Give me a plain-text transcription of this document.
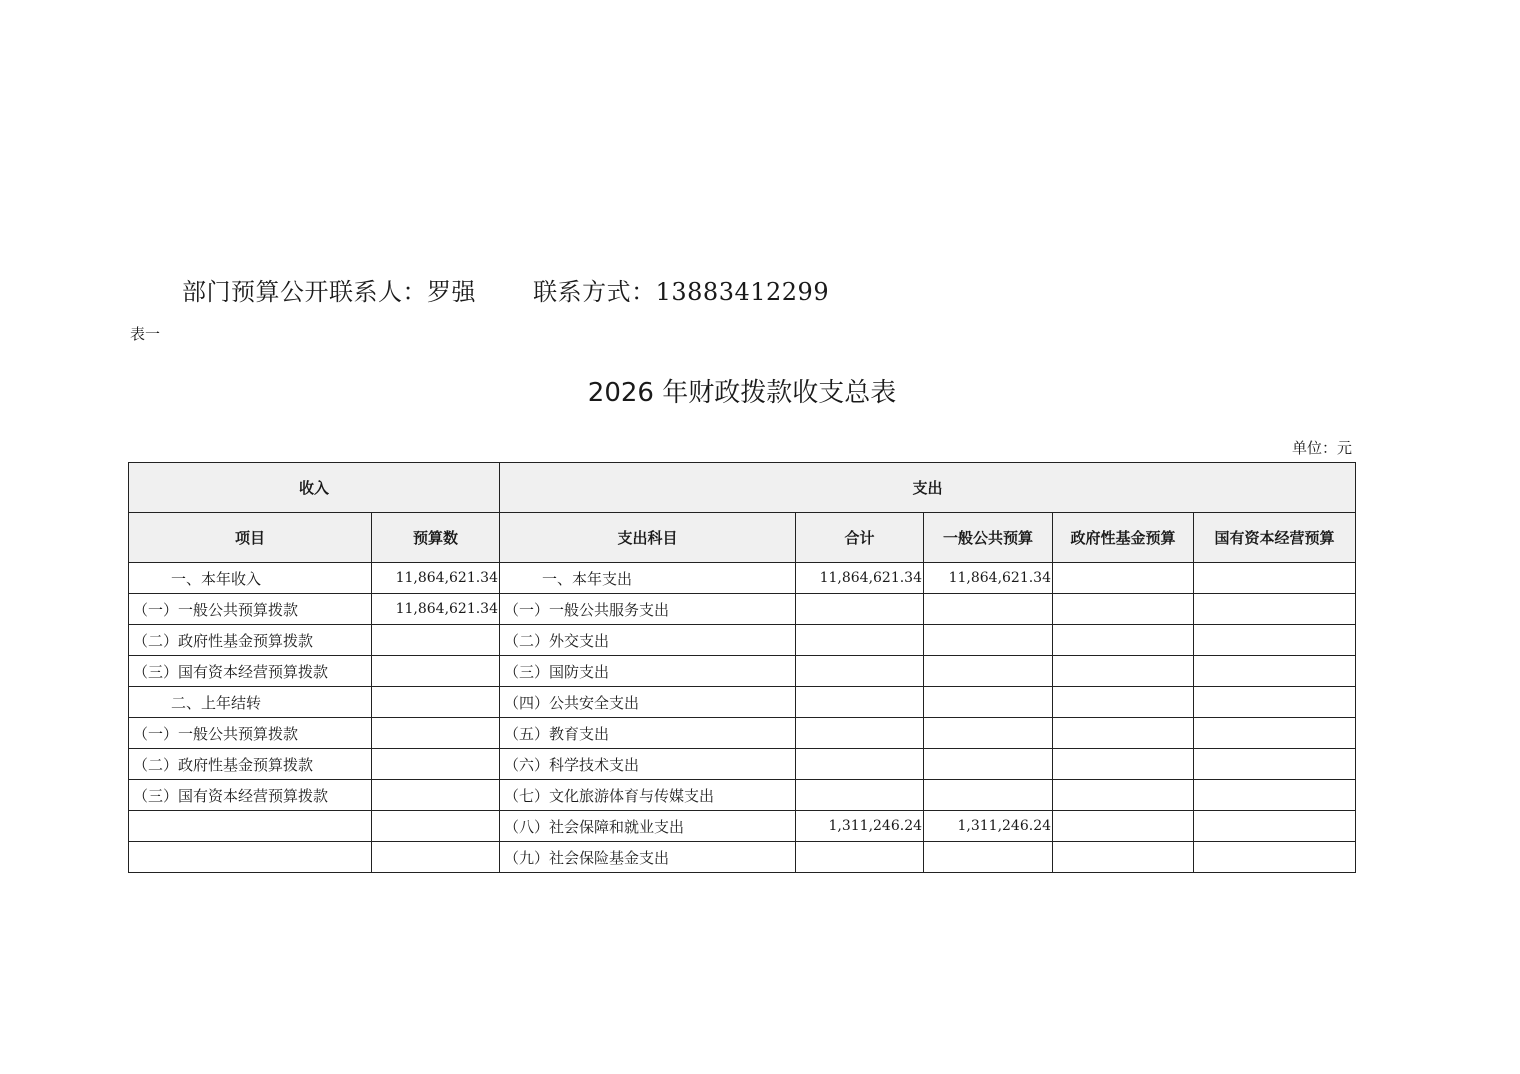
部门预算公开联系人：罗强　　 联系方式：13883412299
表一
2026 年财政拨款收支总表
单位：元
收入		支出				
项目	预算数	支出科目	合计	一般公共预算	政府性基金预算	国有资本经营预算
一、本年收入	11,864,621.34	一、本年支出	11,864,621.34	11,864,621.34		
（一）一般公共预算拨款	11,864,621.34	（一）一般公共服务支出				
（二）政府性基金预算拨款		（二）外交支出				
（三）国有资本经营预算拨款		（三）国防支出				
二、上年结转		（四）公共安全支出				
（一）一般公共预算拨款		（五）教育支出				
（二）政府性基金预算拨款		（六）科学技术支出				
（三）国有资本经营预算拨款		（七）文化旅游体育与传媒支出				
		（八）社会保障和就业支出	1,311,246.24	1,311,246.24		
		（九）社会保险基金支出				
